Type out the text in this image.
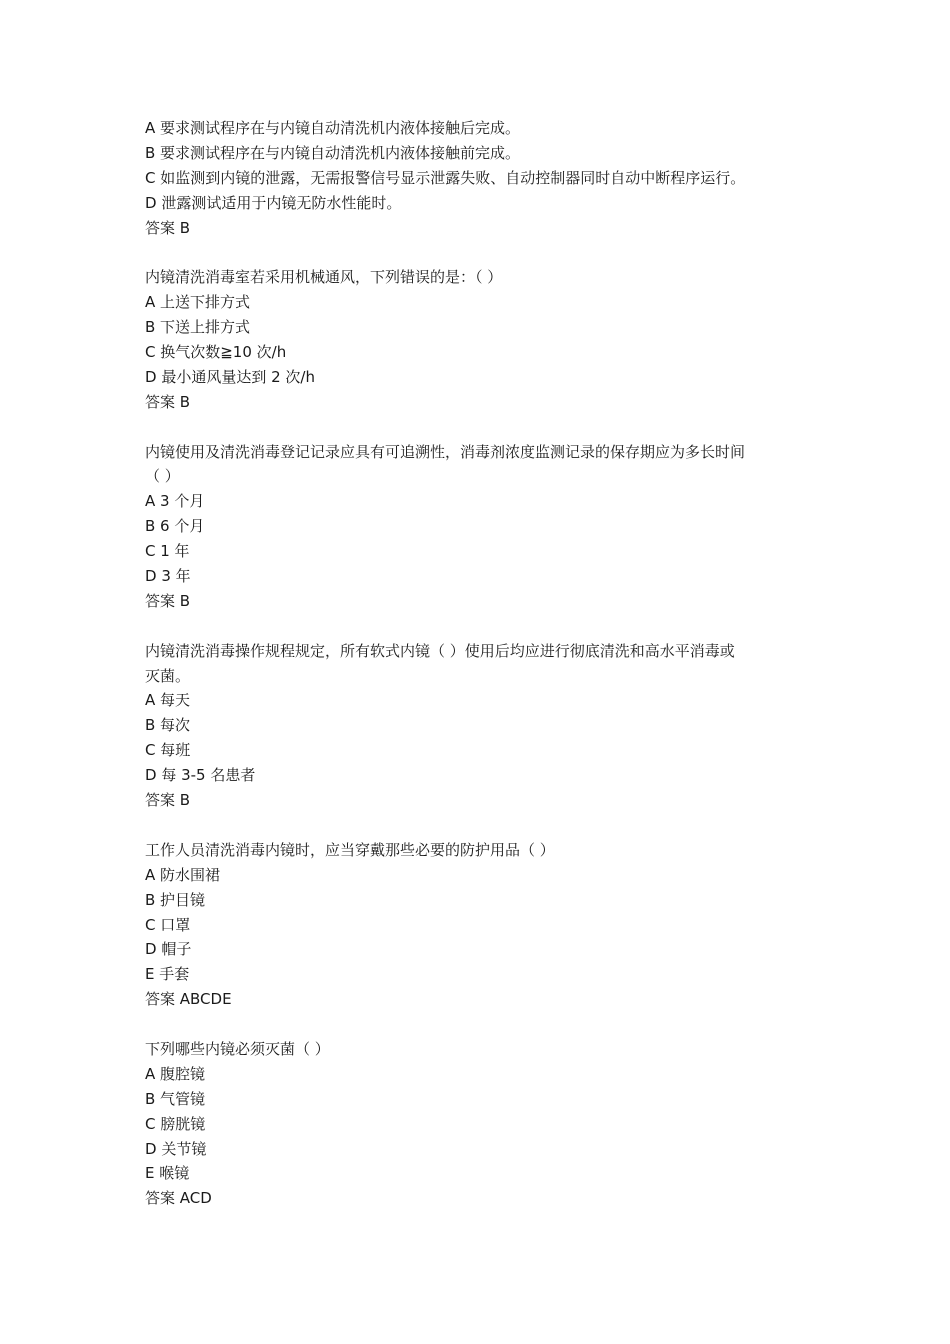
A 要求测试程序在与内镜自动清洗机内液体接触后完成。
B 要求测试程序在与内镜自动清洗机内液体接触前完成。
C 如监测到内镜的泄露，无需报警信号显示泄露失败、自动控制器同时自动中断程序运行。
D 泄露测试适用于内镜无防水性能时。
答案 B
内镜清洗消毒室若采用机械通风，下列错误的是：（ ）
A 上送下排方式
B 下送上排方式
C 换气次数≧10 次/h
D 最小通风量达到 2 次/h
答案 B
内镜使用及清洗消毒登记记录应具有可追溯性，消毒剂浓度监测记录的保存期应为多长时间
（ ）
A 3 个月
B 6 个月
C 1 年
D 3 年
答案 B
内镜清洗消毒操作规程规定，所有软式内镜（ ）使用后均应进行彻底清洗和高水平消毒或
灭菌。
A 每天
B 每次
C 每班
D 每 3-5 名患者
答案 B
工作人员清洗消毒内镜时，应当穿戴那些必要的防护用品（ ）
A 防水围裙
B 护目镜
C 口罩
D 帽子
E 手套
答案 ABCDE
下列哪些内镜必须灭菌（ ）
A 腹腔镜
B 气管镜
C 膀胱镜
D 关节镜
E 喉镜
答案 ACD
